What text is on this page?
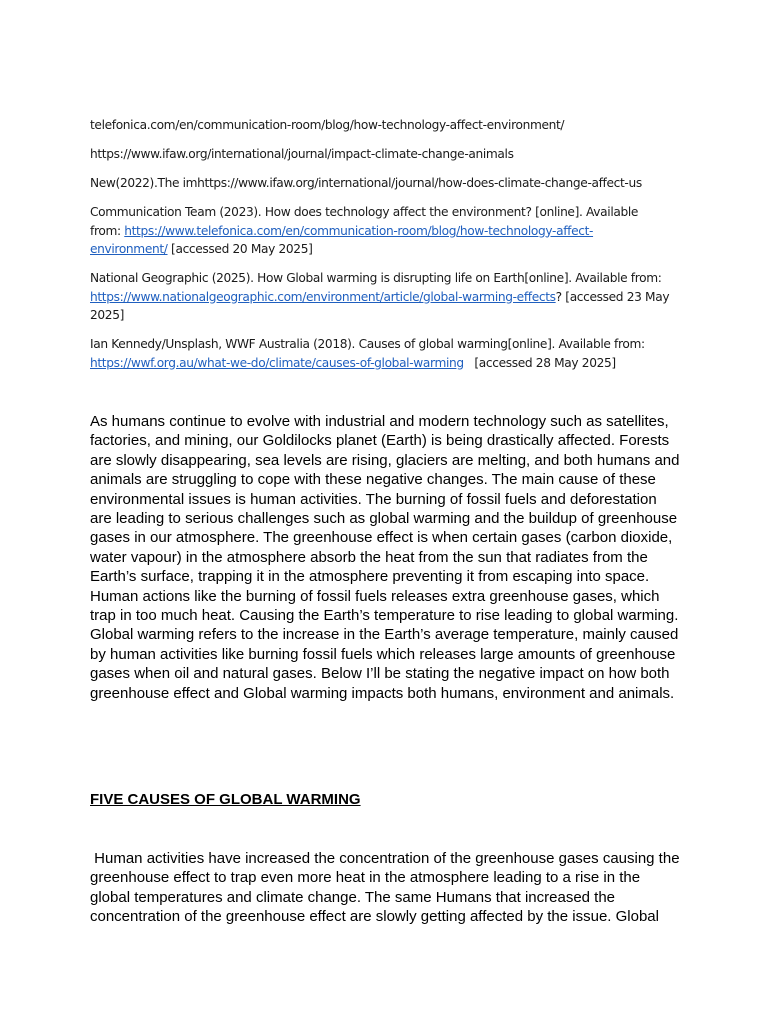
telefonica.com/en/communication-room/blog/how-technology-affect-environment/

https://www.ifaw.org/international/journal/impact-climate-change-animals

New(2022).The imhttps://www.ifaw.org/international/journal/how-does-climate-change-affect-us

Communication Team (2023). How does technology affect the environment? [online]. Available from: https://www.telefonica.com/en/communication-room/blog/how-technology-affect-environment/ [accessed 20 May 2025]

National Geographic (2025). How Global warming is disrupting life on Earth[online]. Available from: https://www.nationalgeographic.com/environment/article/global-warming-effects? [accessed 23 May 2025]

Ian Kennedy/Unsplash, WWF Australia (2018). Causes of global warming[online]. Available from: https://wwf.org.au/what-we-do/climate/causes-of-global-warming   [accessed 28 May 2025]

As humans continue to evolve with industrial and modern technology such as satellites, factories, and mining, our Goldilocks planet (Earth) is being drastically affected. Forests are slowly disappearing, sea levels are rising, glaciers are melting, and both humans and animals are struggling to cope with these negative changes. The main cause of these environmental issues is human activities. The burning of fossil fuels and deforestation are leading to serious challenges such as global warming and the buildup of greenhouse gases in our atmosphere. The greenhouse effect is when certain gases (carbon dioxide, water vapour) in the atmosphere absorb the heat from the sun that radiates from the Earth’s surface, trapping it in the atmosphere preventing it from escaping into space. Human actions like the burning of fossil fuels releases extra greenhouse gases, which trap in too much heat. Causing the Earth’s temperature to rise leading to global warming. Global warming refers to the increase in the Earth’s average temperature, mainly caused by human activities like burning fossil fuels which releases large amounts of greenhouse gases when oil and natural gases. Below I’ll be stating the negative impact on how both greenhouse effect and Global warming impacts both humans, environment and animals.

FIVE CAUSES OF GLOBAL WARMING

Human activities have increased the concentration of the greenhouse gases causing the greenhouse effect to trap even more heat in the atmosphere leading to a rise in the global temperatures and climate change. The same Humans that increased the concentration of the greenhouse effect are slowly getting affected by the issue. Global
